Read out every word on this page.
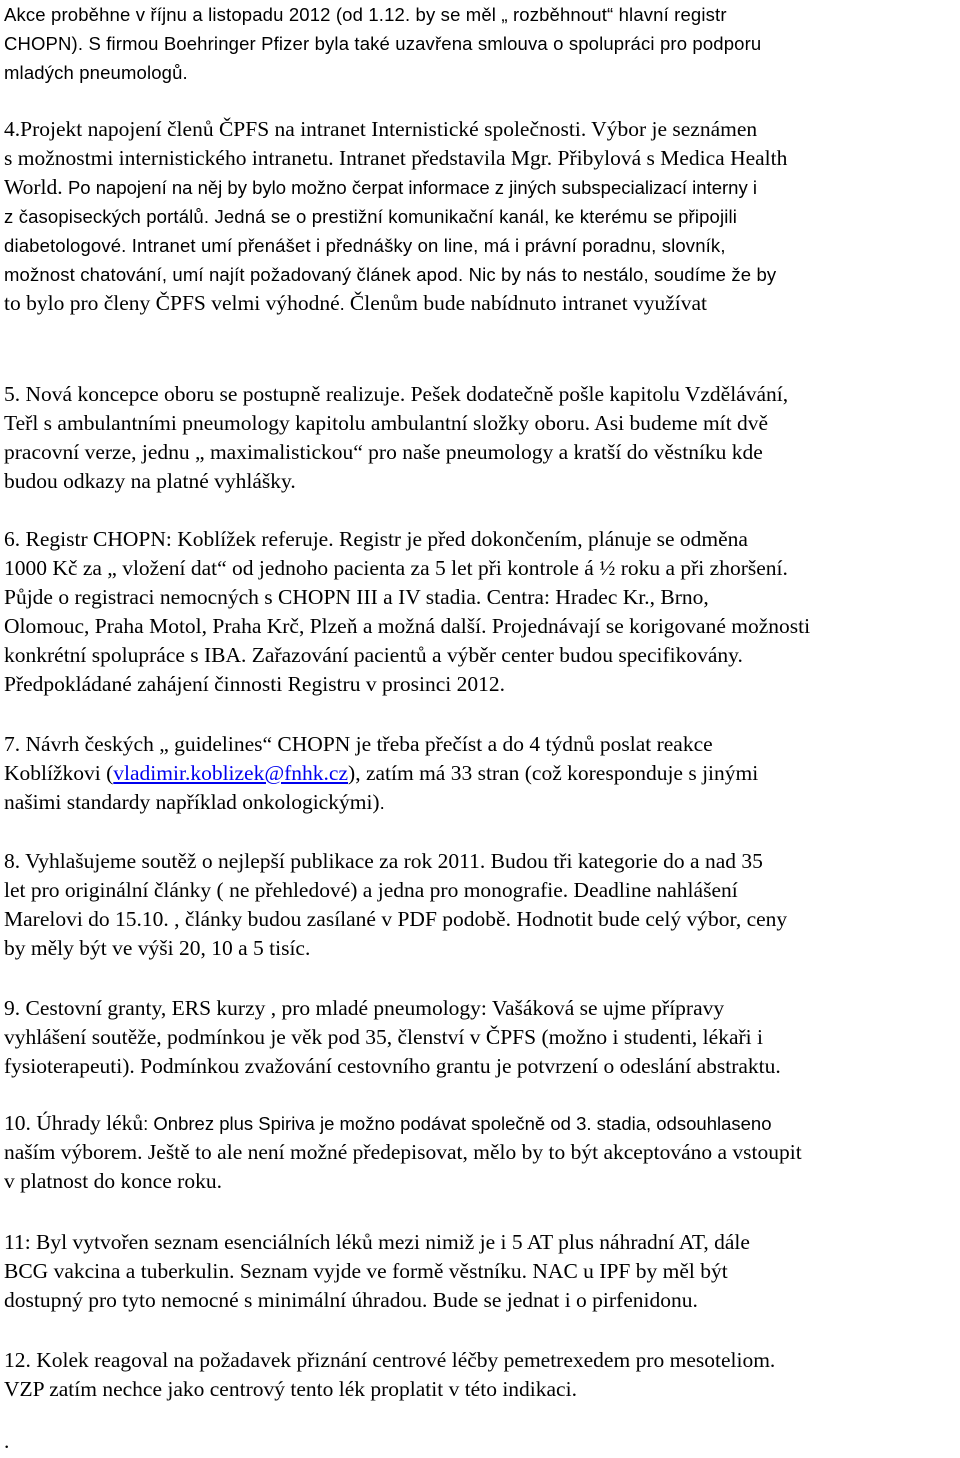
Akce proběhne v říjnu a listopadu 2012 (od 1.12. by se měl „ rozběhnout“ hlavní registr
CHOPN). S firmou Boehringer Pfizer byla také uzavřena smlouva o spolupráci pro podporu
mladých pneumologů.
4.Projekt napojení členů ČPFS na intranet Internistické společnosti. Výbor je seznámen
s možnostmi internistického intranetu. Intranet představila Mgr. Přibylová s Medica Health
World. Po napojení na něj by bylo možno čerpat informace z jiných subspecializací interny i
z časopiseckých portálů. Jedná se o prestižní komunikační kanál, ke kterému se připojili
diabetologové. Intranet umí přenášet i přednášky on line, má i právní poradnu, slovník,
možnost chatování, umí najít požadovaný článek apod. Nic by nás to nestálo, soudíme že by
to bylo pro členy ČPFS velmi výhodné. Členům bude nabídnuto intranet využívat
5. Nová koncepce oboru se postupně realizuje. Pešek dodatečně pošle kapitolu Vzdělávání,
Teřl s ambulantními pneumology kapitolu ambulantní složky oboru. Asi budeme mít dvě
pracovní verze, jednu „ maximalistickou“ pro naše pneumology a kratší do věstníku kde
budou odkazy na platné vyhlášky.
6. Registr CHOPN: Koblížek referuje. Registr je před dokončením, plánuje se odměna
1000 Kč za „ vložení dat“ od jednoho pacienta za 5 let při kontrole á ½ roku a při zhoršení.
Půjde o registraci nemocných s CHOPN III a IV stadia. Centra: Hradec Kr., Brno,
Olomouc, Praha Motol, Praha Krč, Plzeň a možná další. Projednávají se korigované možnosti
konkrétní spolupráce s IBA. Zařazování pacientů a výběr center budou specifikovány.
Předpokládané zahájení činnosti Registru v prosinci 2012.
7. Návrh českých „ guidelines“ CHOPN je třeba přečíst a do 4 týdnů poslat reakce
Koblížkovi (vladimir.koblizek@fnhk.cz), zatím má 33 stran (což koresponduje s jinými
našimi standardy například onkologickými).
8. Vyhlašujeme soutěž o nejlepší publikace za rok 2011. Budou tři kategorie do a nad 35
let pro originální články ( ne přehledové) a jedna pro monografie. Deadline nahlášení
Marelovi do 15.10. , články budou zasílané v PDF podobě. Hodnotit bude celý výbor, ceny
by měly být ve výši 20, 10 a 5 tisíc.
9. Cestovní granty, ERS kurzy , pro mladé pneumology: Vašáková se ujme přípravy
vyhlášení soutěže, podmínkou je věk pod 35, členství v ČPFS (možno i studenti, lékaři i
fysioterapeuti). Podmínkou zvažování cestovního grantu je potvrzení o odeslání abstraktu.
10. Úhrady léků: Onbrez plus Spiriva je možno podávat společně od 3. stadia, odsouhlaseno
naším výborem. Ještě to ale není možné předepisovat, mělo by to být akceptováno a vstoupit
v platnost do konce roku.
11: Byl vytvořen seznam esenciálních léků mezi nimiž je i 5 AT plus náhradní AT, dále
BCG vakcina a tuberkulin. Seznam vyjde ve formě věstníku. NAC u IPF by měl být
dostupný pro tyto nemocné s minimální úhradou. Bude se jednat i o pirfenidonu.
12. Kolek reagoval na požadavek přiznání centrové léčby pemetrexedem pro mesoteliom.
VZP zatím nechce jako centrový tento lék proplatit v této indikaci.
.
